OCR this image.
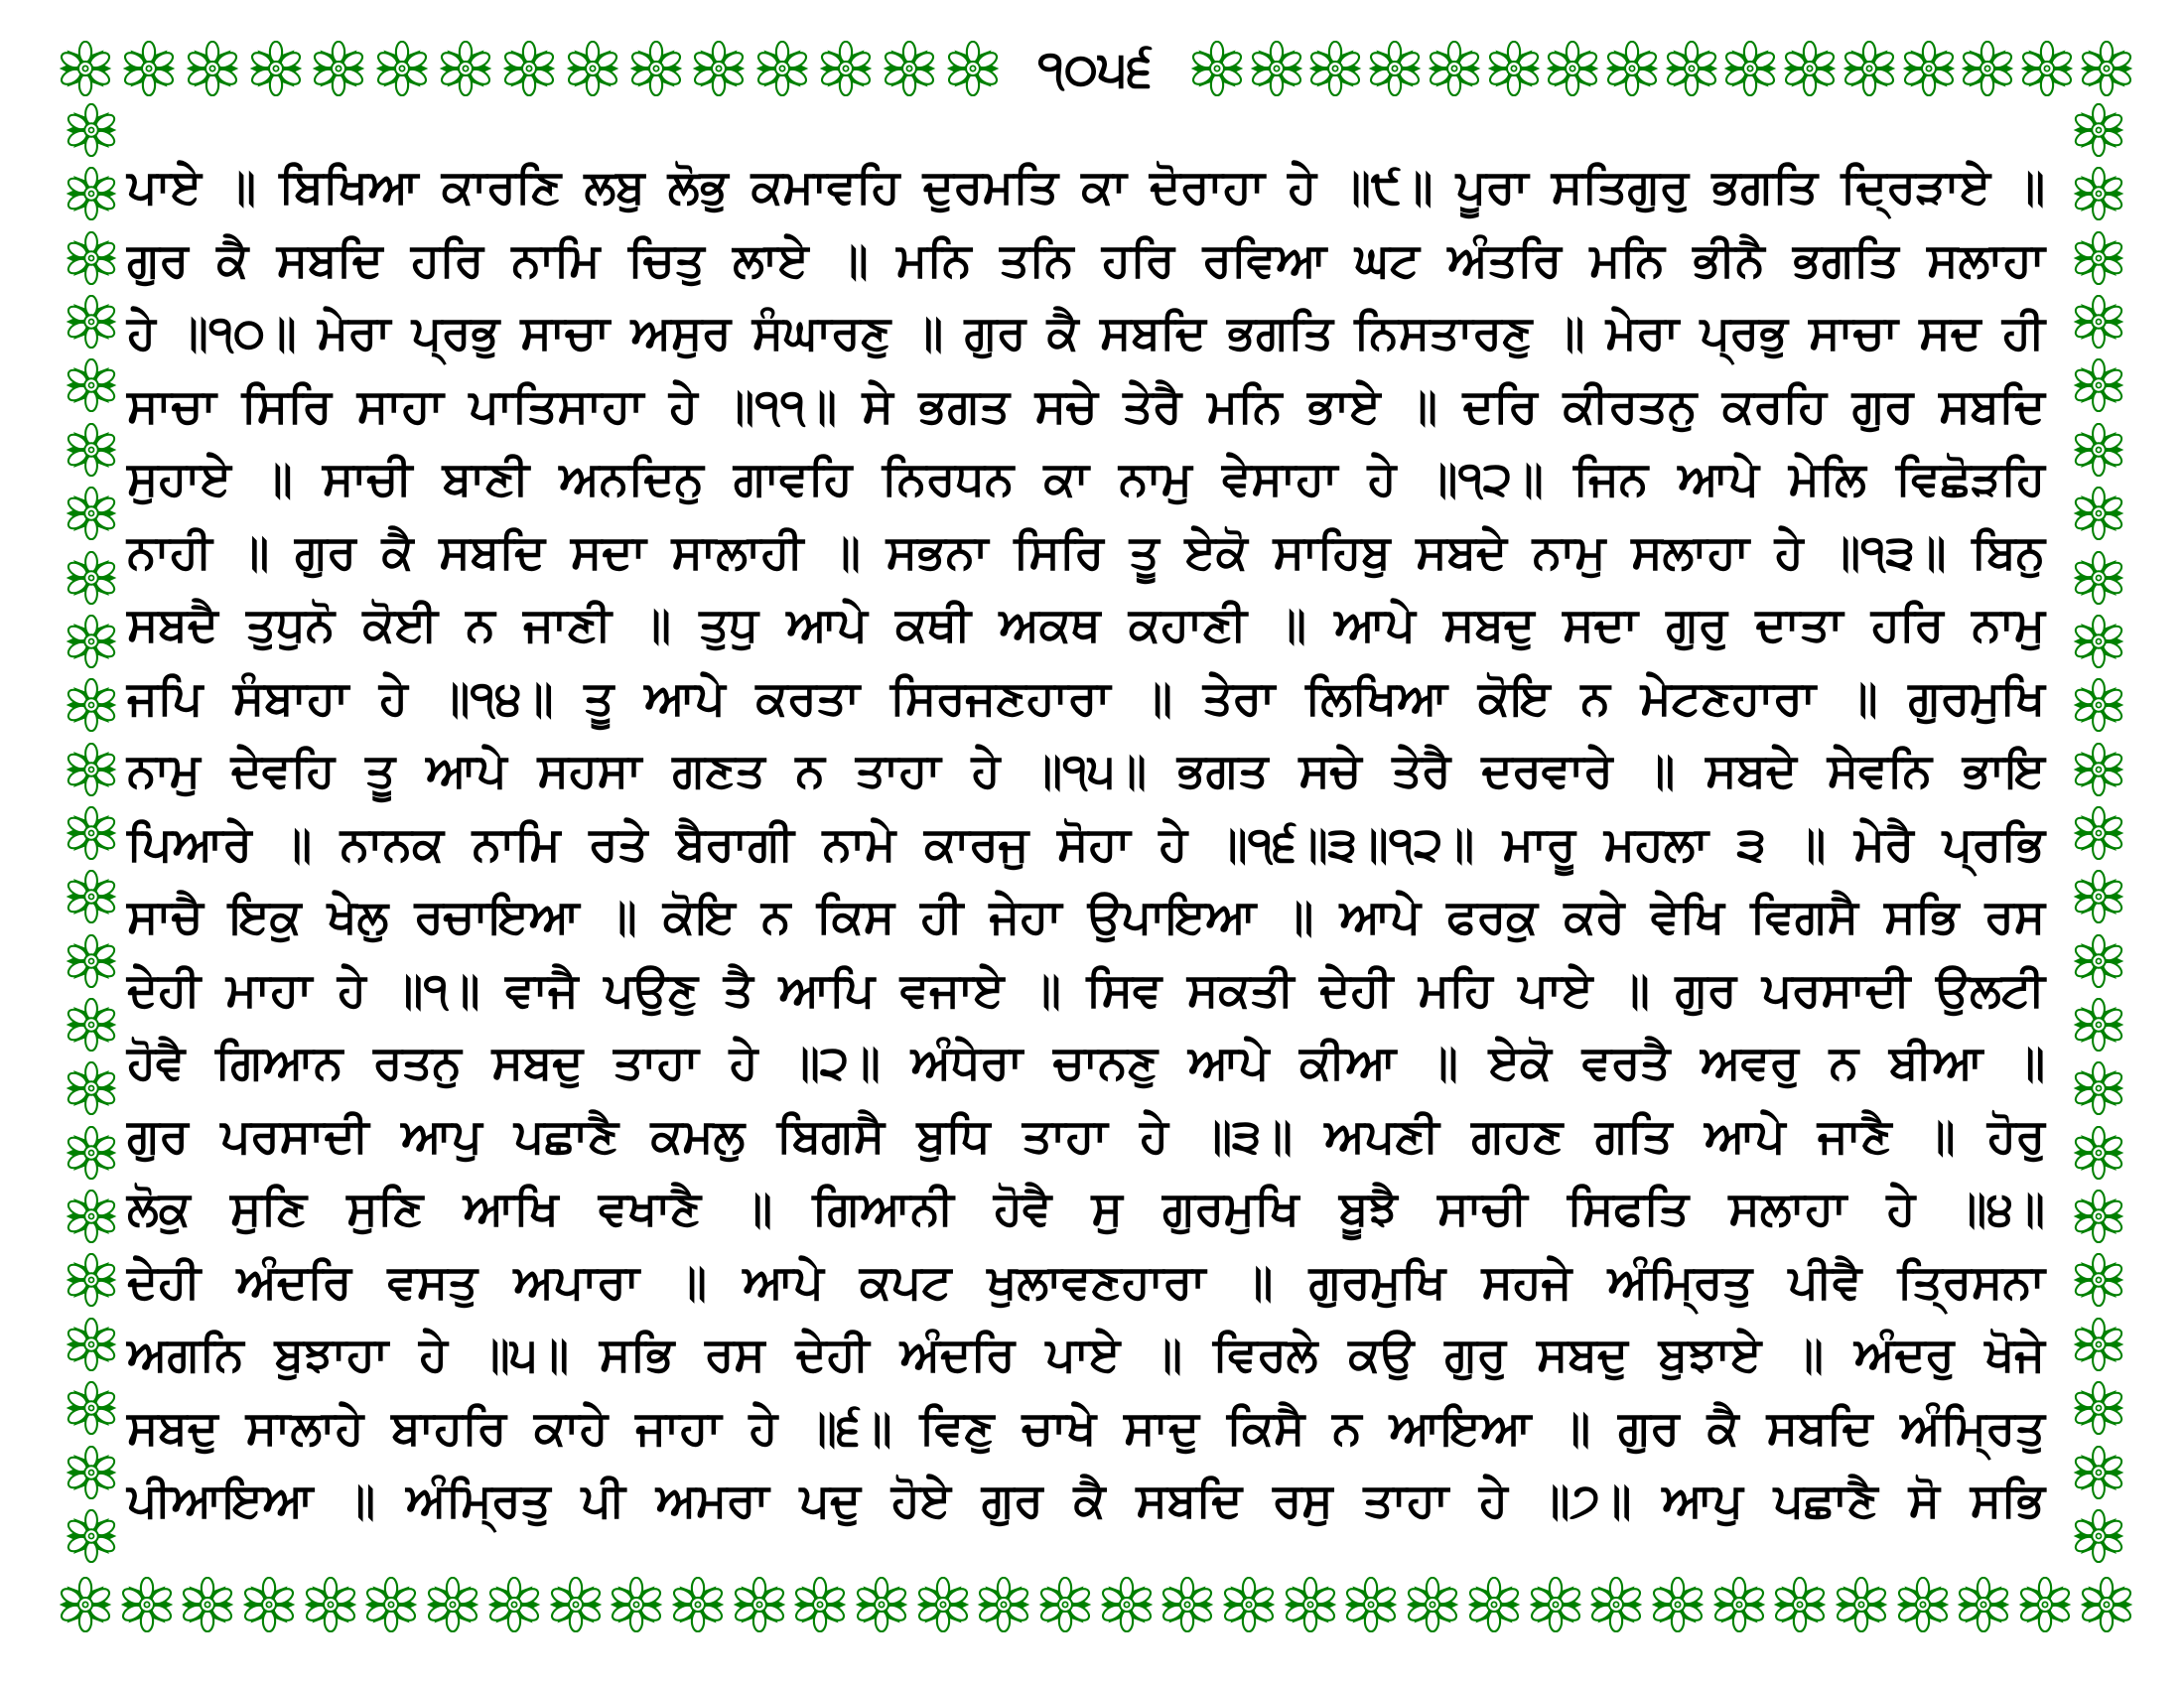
੧੦੫੬
ਪਾਏ ॥ ਬਿਖਿਆ ਕਾਰਣਿ ਲਬੁ ਲੋਭੁ ਕਮਾਵਹਿ ਦੁਰਮਤਿ ਕਾ ਦੋਰਾਹਾ ਹੇ ॥੯॥ ਪੂਰਾ ਸਤਿਗੁਰੁ ਭਗਤਿ ਦ੍ਰਿੜਾਏ ॥
ਗੁਰ ਕੈ ਸਬਦਿ ਹਰਿ ਨਾਮਿ ਚਿਤੁ ਲਾਏ ॥ ਮਨਿ ਤਨਿ ਹਰਿ ਰਵਿਆ ਘਟ ਅੰਤਰਿ ਮਨਿ ਭੀਨੈ ਭਗਤਿ ਸਲਾਹਾ
ਹੇ ॥੧੦॥ ਮੇਰਾ ਪ੍ਰਭੁ ਸਾਚਾ ਅਸੁਰ ਸੰਘਾਰਣੁ ॥ ਗੁਰ ਕੈ ਸਬਦਿ ਭਗਤਿ ਨਿਸਤਾਰਣੁ ॥ ਮੇਰਾ ਪ੍ਰਭੁ ਸਾਚਾ ਸਦ ਹੀ
ਸਾਚਾ ਸਿਰਿ ਸਾਹਾ ਪਾਤਿਸਾਹਾ ਹੇ ॥੧੧॥ ਸੇ ਭਗਤ ਸਚੇ ਤੇਰੈ ਮਨਿ ਭਾਏ ॥ ਦਰਿ ਕੀਰਤਨੁ ਕਰਹਿ ਗੁਰ ਸਬਦਿ
ਸੁਹਾਏ ॥ ਸਾਚੀ ਬਾਣੀ ਅਨਦਿਨੁ ਗਾਵਹਿ ਨਿਰਧਨ ਕਾ ਨਾਮੁ ਵੇਸਾਹਾ ਹੇ ॥੧੨॥ ਜਿਨ ਆਪੇ ਮੇਲਿ ਵਿਛੋੜਹਿ
ਨਾਹੀ ॥ ਗੁਰ ਕੈ ਸਬਦਿ ਸਦਾ ਸਾਲਾਹੀ ॥ ਸਭਨਾ ਸਿਰਿ ਤੂ ਏਕੋ ਸਾਹਿਬੁ ਸਬਦੇ ਨਾਮੁ ਸਲਾਹਾ ਹੇ ॥੧੩॥ ਬਿਨੁ
ਸਬਦੈ ਤੁਧੁਨੋ ਕੋਈ ਨ ਜਾਣੀ ॥ ਤੁਧੁ ਆਪੇ ਕਥੀ ਅਕਥ ਕਹਾਣੀ ॥ ਆਪੇ ਸਬਦੁ ਸਦਾ ਗੁਰੁ ਦਾਤਾ ਹਰਿ ਨਾਮੁ
ਜਪਿ ਸੰਬਾਹਾ ਹੇ ॥੧੪॥ ਤੂ ਆਪੇ ਕਰਤਾ ਸਿਰਜਣਹਾਰਾ ॥ ਤੇਰਾ ਲਿਖਿਆ ਕੋਇ ਨ ਮੇਟਣਹਾਰਾ ॥ ਗੁਰਮੁਖਿ
ਨਾਮੁ ਦੇਵਹਿ ਤੂ ਆਪੇ ਸਹਸਾ ਗਣਤ ਨ ਤਾਹਾ ਹੇ ॥੧੫॥ ਭਗਤ ਸਚੇ ਤੇਰੈ ਦਰਵਾਰੇ ॥ ਸਬਦੇ ਸੇਵਨਿ ਭਾਇ
ਪਿਆਰੇ ॥ ਨਾਨਕ ਨਾਮਿ ਰਤੇ ਬੈਰਾਗੀ ਨਾਮੇ ਕਾਰਜੁ ਸੋਹਾ ਹੇ ॥੧੬॥੩॥੧੨॥ ਮਾਰੂ ਮਹਲਾ ੩ ॥ ਮੇਰੈ ਪ੍ਰਭਿ
ਸਾਚੈ ਇਕੁ ਖੇਲੁ ਰਚਾਇਆ ॥ ਕੋਇ ਨ ਕਿਸ ਹੀ ਜੇਹਾ ਉਪਾਇਆ ॥ ਆਪੇ ਫਰਕੁ ਕਰੇ ਵੇਖਿ ਵਿਗਸੈ ਸਭਿ ਰਸ
ਦੇਹੀ ਮਾਹਾ ਹੇ ॥੧॥ ਵਾਜੈ ਪਉਣੁ ਤੈ ਆਪਿ ਵਜਾਏ ॥ ਸਿਵ ਸਕਤੀ ਦੇਹੀ ਮਹਿ ਪਾਏ ॥ ਗੁਰ ਪਰਸਾਦੀ ਉਲਟੀ
ਹੋਵੈ ਗਿਆਨ ਰਤਨੁ ਸਬਦੁ ਤਾਹਾ ਹੇ ॥੨॥ ਅੰਧੇਰਾ ਚਾਨਣੁ ਆਪੇ ਕੀਆ ॥ ਏਕੋ ਵਰਤੈ ਅਵਰੁ ਨ ਬੀਆ ॥
ਗੁਰ ਪਰਸਾਦੀ ਆਪੁ ਪਛਾਣੈ ਕਮਲੁ ਬਿਗਸੈ ਬੁਧਿ ਤਾਹਾ ਹੇ ॥੩॥ ਅਪਣੀ ਗਹਣ ਗਤਿ ਆਪੇ ਜਾਣੈ ॥ ਹੋਰੁ
ਲੋਕੁ ਸੁਣਿ ਸੁਣਿ ਆਖਿ ਵਖਾਣੈ ॥ ਗਿਆਨੀ ਹੋਵੈ ਸੁ ਗੁਰਮੁਖਿ ਬੂਝੈ ਸਾਚੀ ਸਿਫਤਿ ਸਲਾਹਾ ਹੇ ॥੪॥
ਦੇਹੀ ਅੰਦਰਿ ਵਸਤੁ ਅਪਾਰਾ ॥ ਆਪੇ ਕਪਟ ਖੁਲਾਵਣਹਾਰਾ ॥ ਗੁਰਮੁਖਿ ਸਹਜੇ ਅੰਮ੍ਰਿਤੁ ਪੀਵੈ ਤ੍ਰਿਸਨਾ
ਅਗਨਿ ਬੁਝਾਹਾ ਹੇ ॥੫॥ ਸਭਿ ਰਸ ਦੇਹੀ ਅੰਦਰਿ ਪਾਏ ॥ ਵਿਰਲੇ ਕਉ ਗੁਰੁ ਸਬਦੁ ਬੁਝਾਏ ॥ ਅੰਦਰੁ ਖੋਜੇ
ਸਬਦੁ ਸਾਲਾਹੇ ਬਾਹਰਿ ਕਾਹੇ ਜਾਹਾ ਹੇ ॥੬॥ ਵਿਣੁ ਚਾਖੇ ਸਾਦੁ ਕਿਸੈ ਨ ਆਇਆ ॥ ਗੁਰ ਕੈ ਸਬਦਿ ਅੰਮ੍ਰਿਤੁ
ਪੀਆਇਆ ॥ ਅੰਮ੍ਰਿਤੁ ਪੀ ਅਮਰਾ ਪਦੁ ਹੋਏ ਗੁਰ ਕੈ ਸਬਦਿ ਰਸੁ ਤਾਹਾ ਹੇ ॥੭॥ ਆਪੁ ਪਛਾਣੈ ਸੋ ਸਭਿ
